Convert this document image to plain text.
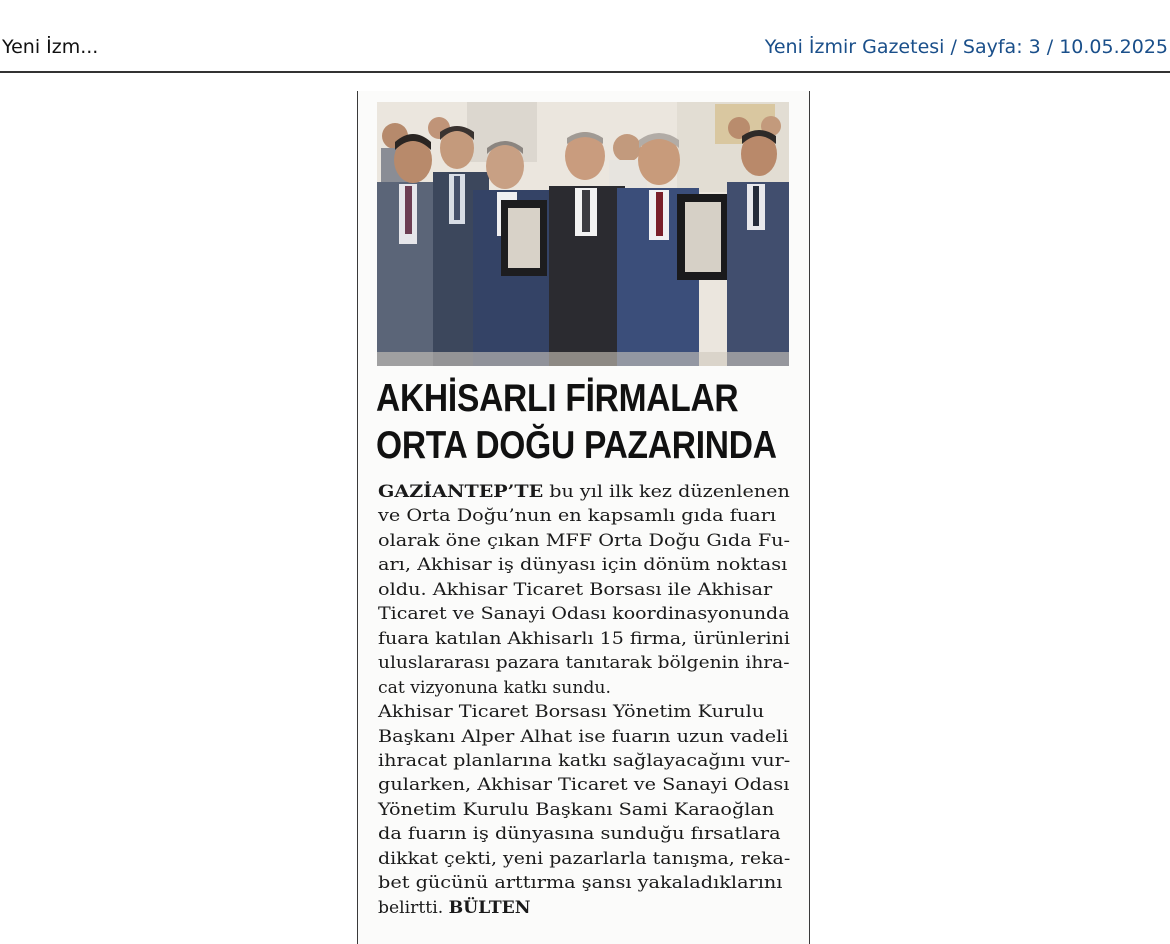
Yeni İzm...	Yeni İzmir Gazetesi / Sayfa: 3 / 10.05.2025
AKHİSARLI FİRMALAR
ORTA DOĞU PAZARINDA
GAZİANTEP’TE bu yıl ilk kez düzenlenen
ve Orta Doğu’nun en kapsamlı gıda fuarı
olarak öne çıkan MFF Orta Doğu Gıda Fu-
arı, Akhisar iş dünyası için dönüm noktası
oldu. Akhisar Ticaret Borsası ile Akhisar
Ticaret ve Sanayi Odası koordinasyonunda
fuara katılan Akhisarlı 15 firma, ürünlerini
uluslararası pazara tanıtarak bölgenin ihra-
cat vizyonuna katkı sundu.
Akhisar Ticaret Borsası Yönetim Kurulu
Başkanı Alper Alhat ise fuarın uzun vadeli
ihracat planlarına katkı sağlayacağını vur-
gularken, Akhisar Ticaret ve Sanayi Odası
Yönetim Kurulu Başkanı Sami Karaoğlan
da fuarın iş dünyasına sunduğu fırsatlara
dikkat çekti, yeni pazarlarla tanışma, reka-
bet gücünü arttırma şansı yakaladıklarını
belirtti. BÜLTEN
